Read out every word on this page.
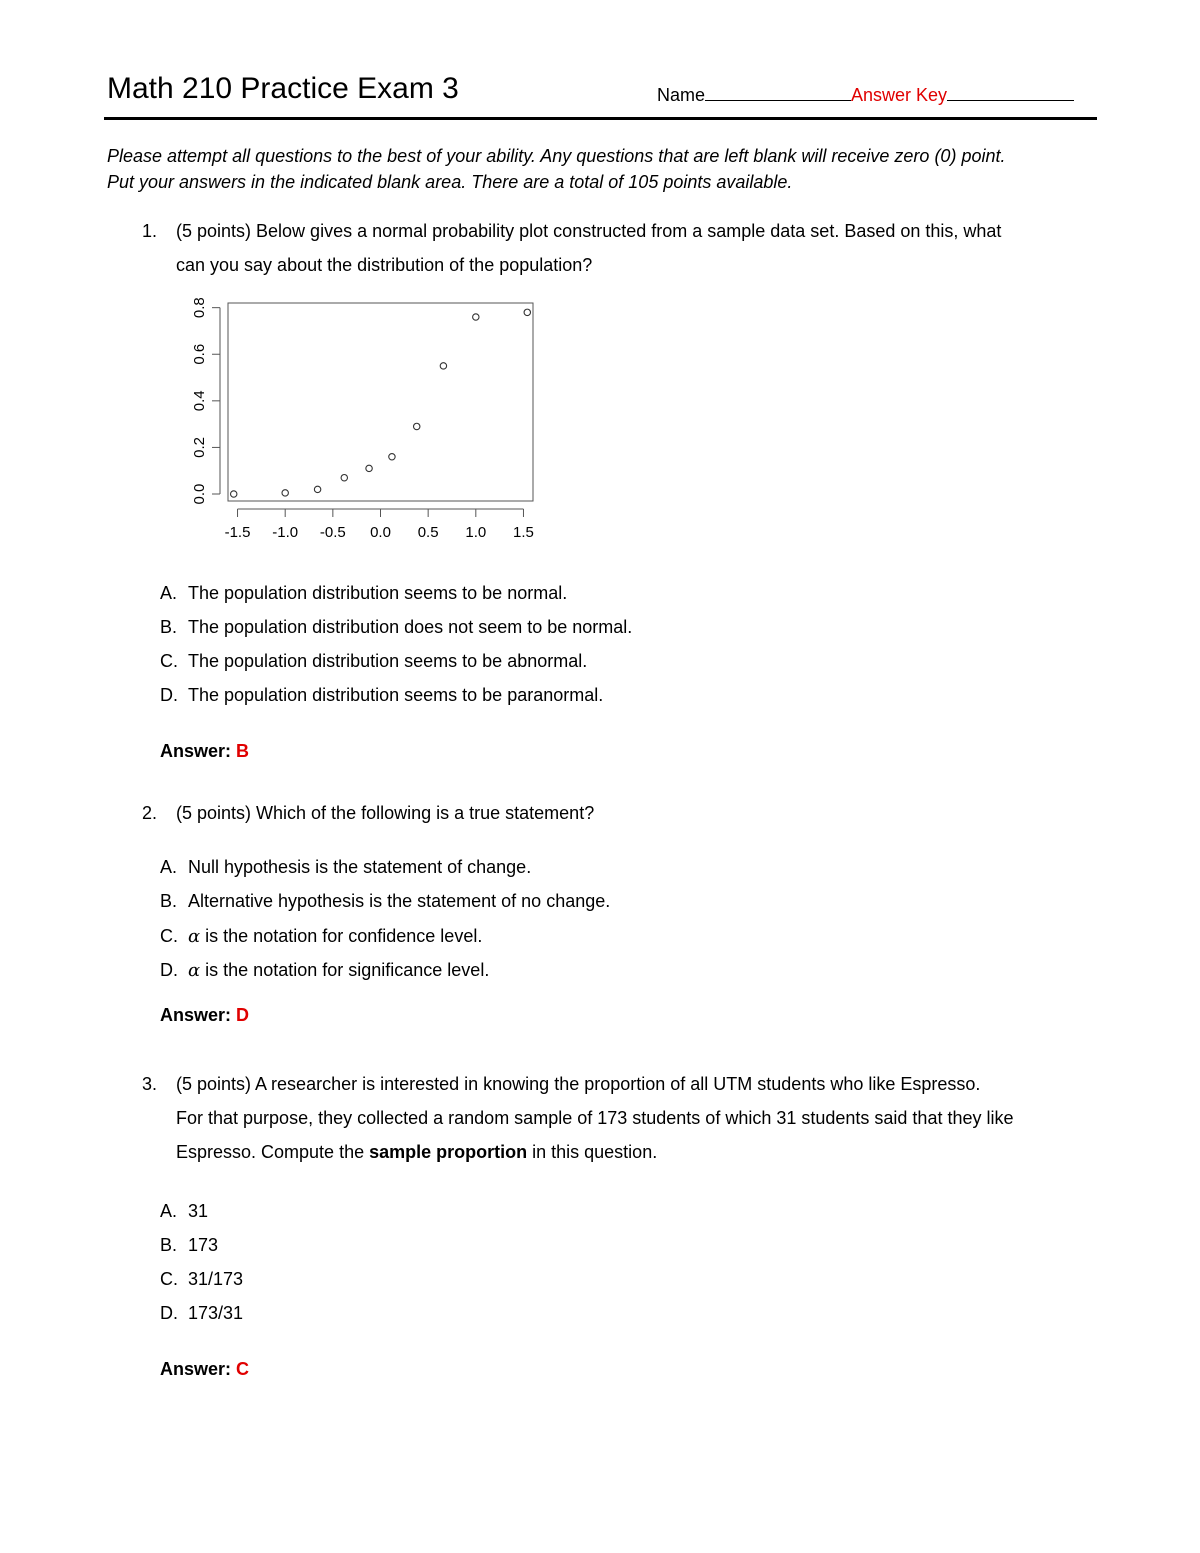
Math 210 Practice Exam 3	Name	Answer Key
Please attempt all questions to the best of your ability. Any questions that are left blank will receive zero (0) point.
Put your answers in the indicated blank area. There are a total of 105 points available.
1. (5 points) Below gives a normal probability plot constructed from a sample data set. Based on this, what
can you say about the distribution of the population?
-1.5 -1.0 -0.5 0.0 0.5 1.0 1.5
0.0
0.2
0.4
0.6
0.8
A. The population distribution seems to be normal.
B. The population distribution does not seem to be normal.
C. The population distribution seems to be abnormal.
D. The population distribution seems to be paranormal.
Answer: B
2. (5 points) Which of the following is a true statement?
A. Null hypothesis is the statement of change.
B. Alternative hypothesis is the statement of no change.
C. α is the notation for confidence level.
D. α is the notation for significance level.
Answer: D
3. (5 points) A researcher is interested in knowing the proportion of all UTM students who like Espresso.
For that purpose, they collected a random sample of 173 students of which 31 students said that they like
Espresso. Compute the sample proportion in this question.
A. 31
B. 173
C. 31/173
D. 173/31
Answer: C
